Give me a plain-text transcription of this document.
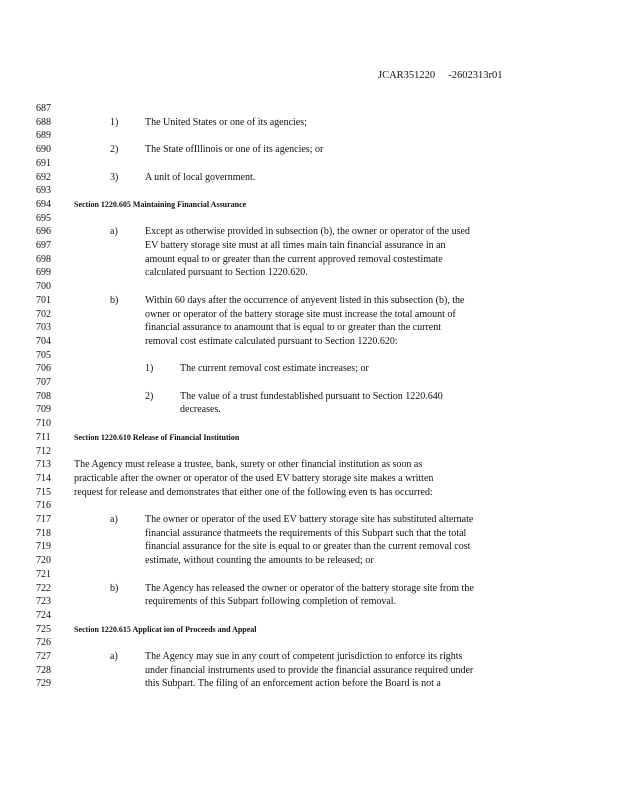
JCAR351220 -2602313r01
687
688	1)	The United States or one of its agencies;
689
690	2)	The State ofIllinois or one of its agencies; or
691
692	3)	A unit of local government.
693
694	Section 1220.605 Maintaining Financial Assurance
695
696	a)	Except as otherwise provided in subsection (b), the owner or operator of the used
697	EV battery storage site must at all times main tain financial assurance in an
698	amount equal to or greater than the current approved removal costestimate
699	calculated pursuant to Section 1220.620.
700
701	b)	Within 60 days after the occurrence of anyevent listed in this subsection (b), the
702	owner or operator of the battery storage site must increase the total amount of
703	financial assurance to anamount that is equal to or greater than the current
704	removal cost estimate calculated pursuant to Section 1220.620:
705
706	1)	The current removal cost estimate increases; or
707
708	2)	The value of a trust fundestablished pursuant to Section 1220.640
709	decreases.
710
711	Section 1220.610 Release of Financial Institution
712
713	The Agency must release a trustee, bank, surety or other financial institution as soon as
714	practicable after the owner or operator of the used EV battery storage site makes a written
715	request for release and demonstrates that either one of the following even ts has occurred:
716
717	a)	The owner or operator of the used EV battery storage site has substituted alternate
718	financial assurance thatmeets the requirements of this Subpart such that the total
719	financial assurance for the site is equal to or greater than the current removal cost
720	estimate, without counting the amounts to be released; or
721
722	b)	The Agency has released the owner or operator of the battery storage site from the
723	requirements of this Subpart following completion of removal.
724
725	Section 1220.615 Applicat ion of Proceeds and Appeal
726
727	a)	The Agency may sue in any court of competent jurisdiction to enforce its rights
728	under financial instruments used to provide the financial assurance required under
729	this Subpart. The filing of an enforcement action before the Board is not a
